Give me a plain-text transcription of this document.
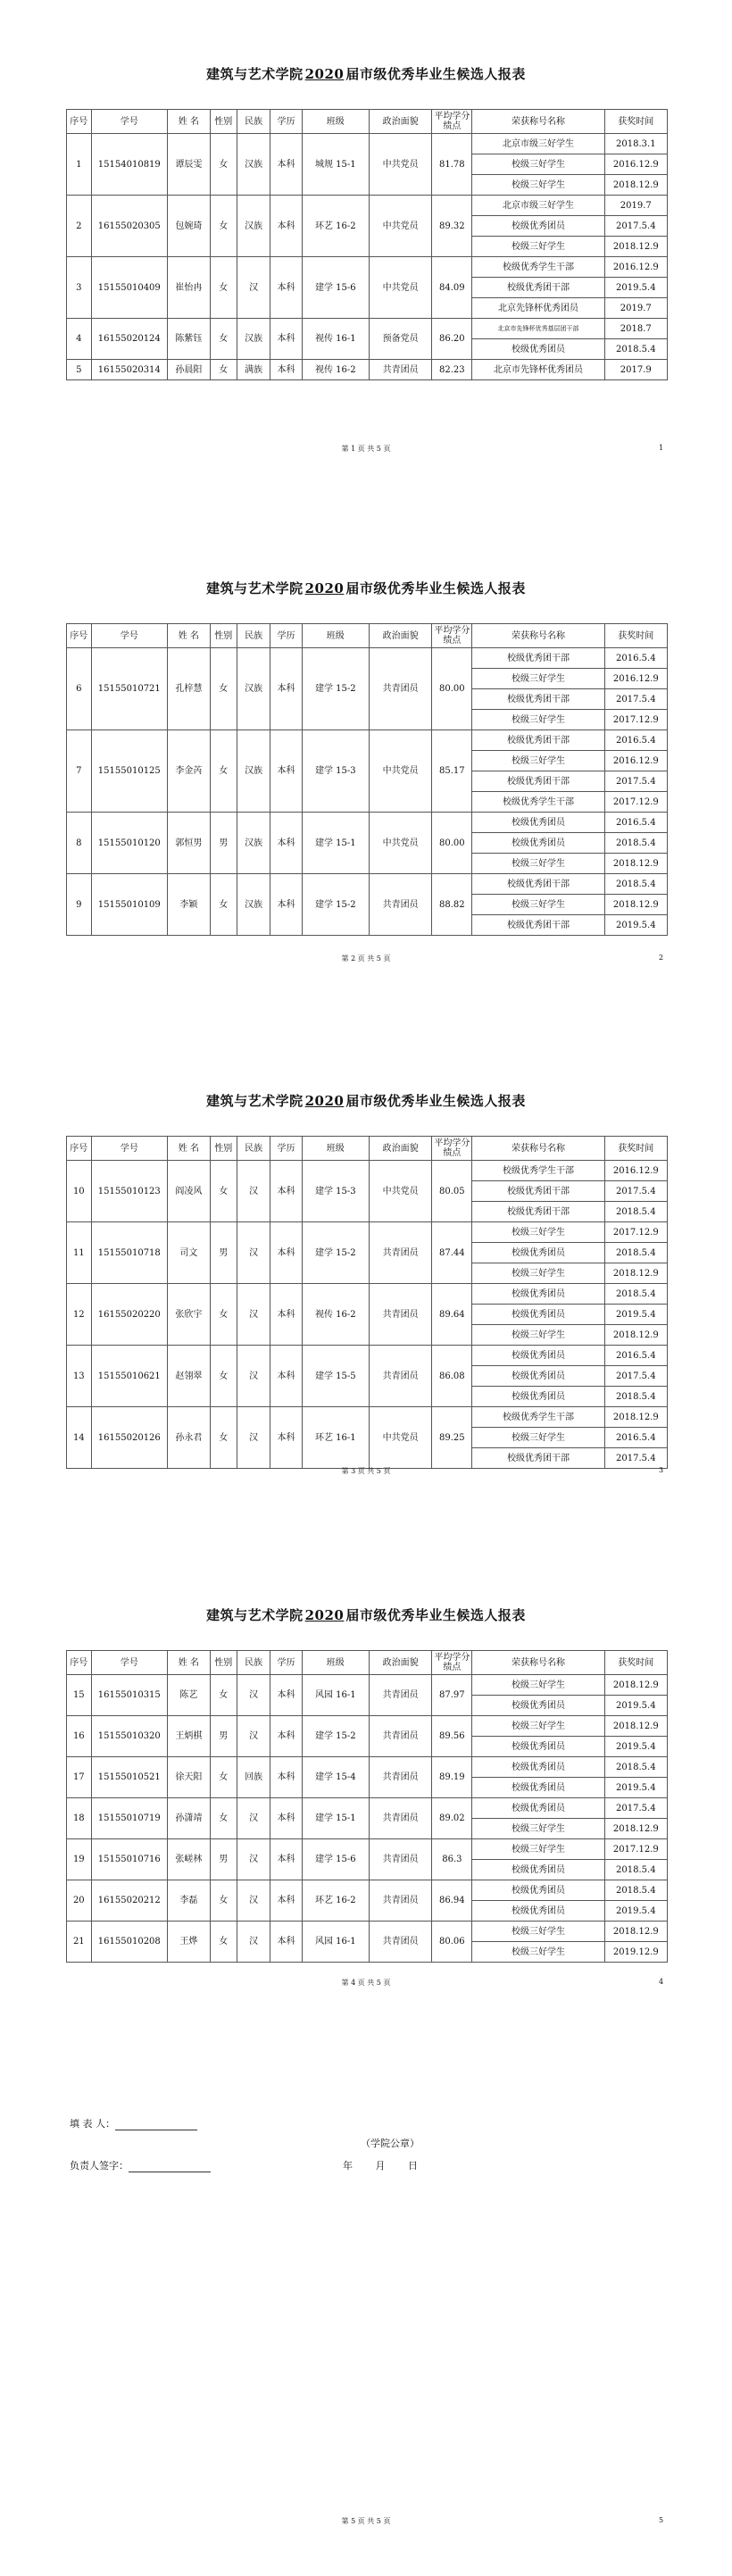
建筑与艺术学院 2020 届市级优秀毕业生候选人报表
序号	学号	姓 名	性别	民族	学历	班级	政治面貌	平均学分绩点	荣获称号名称	获奖时间
1	15154010819	谭辰雯	女	汉族	本科	城规 15-1	中共党员	81.78	北京市级三好学生	2018.3.1
									校级三好学生	2016.12.9
									校级三好学生	2018.12.9
2	16155020305	包婉琦	女	汉族	本科	环艺 16-2	中共党员	89.32	北京市级三好学生	2019.7
									校级优秀团员	2017.5.4
									校级三好学生	2018.12.9
3	15155010409	崔怡冉	女	汉	本科	建学 15-6	中共党员	84.09	校级优秀学生干部	2016.12.9
									校级优秀团干部	2019.5.4
									北京先锋杯优秀团员	2019.7
4	16155020124	陈紫钰	女	汉族	本科	视传 16-1	预备党员	86.20	北京市先锋杯优秀基层团干部	2018.7
									校级优秀团员	2018.5.4
5	16155020314	孙晨阳	女	满族	本科	视传 16-2	共青团员	82.23	北京市先锋杯优秀团员	2017.9
建筑与艺术学院 2020 届市级优秀毕业生候选人报表
序号	学号	姓 名	性别	民族	学历	班级	政治面貌	平均学分绩点	荣获称号名称	获奖时间
6	15155010721	孔梓慧	女	汉族	本科	建学 15-2	共青团员	80.00	校级优秀团干部	2016.5.4
									校级三好学生	2016.12.9
									校级优秀团干部	2017.5.4
									校级三好学生	2017.12.9
7	15155010125	李金芮	女	汉族	本科	建学 15-3	中共党员	85.17	校级优秀团干部	2016.5.4
									校级三好学生	2016.12.9
									校级优秀团干部	2017.5.4
									校级优秀学生干部	2017.12.9
8	15155010120	郭恒男	男	汉族	本科	建学 15-1	中共党员	80.00	校级优秀团员	2016.5.4
									校级优秀团员	2018.5.4
									校级三好学生	2018.12.9
9	15155010109	李颖	女	汉族	本科	建学 15-2	共青团员	88.82	校级优秀团干部	2018.5.4
									校级三好学生	2018.12.9
									校级优秀团干部	2019.5.4
建筑与艺术学院 2020 届市级优秀毕业生候选人报表
序号	学号	姓 名	性别	民族	学历	班级	政治面貌	平均学分绩点	荣获称号名称	获奖时间
10	15155010123	阎凌风	女	汉	本科	建学 15-3	中共党员	80.05	校级优秀学生干部	2016.12.9
									校级优秀团干部	2017.5.4
									校级优秀团干部	2018.5.4
11	15155010718	司文	男	汉	本科	建学 15-2	共青团员	87.44	校级三好学生	2017.12.9
									校级优秀团员	2018.5.4
									校级三好学生	2018.12.9
12	16155020220	张欣宇	女	汉	本科	视传 16-2	共青团员	89.64	校级优秀团员	2018.5.4
									校级优秀团员	2019.5.4
									校级三好学生	2018.12.9
13	15155010621	赵翎翠	女	汉	本科	建学 15-5	共青团员	86.08	校级优秀团员	2016.5.4
									校级优秀团员	2017.5.4
									校级优秀团员	2018.5.4
14	16155020126	孙永君	女	汉	本科	环艺 16-1	中共党员	89.25	校级优秀学生干部	2018.12.9
									校级三好学生	2016.5.4
									校级优秀团干部	2017.5.4
建筑与艺术学院 2020 届市级优秀毕业生候选人报表
序号	学号	姓 名	性别	民族	学历	班级	政治面貌	平均学分绩点	荣获称号名称	获奖时间
15	16155010315	陈艺	女	汉	本科	风园 16-1	共青团员	87.97	校级三好学生	2018.12.9
									校级优秀团员	2019.5.4
16	15155010320	王炳棋	男	汉	本科	建学 15-2	共青团员	89.56	校级三好学生	2018.12.9
									校级优秀团员	2019.5.4
17	15155010521	徐天阳	女	回族	本科	建学 15-4	共青团员	89.19	校级优秀团员	2018.5.4
									校级优秀团员	2019.5.4
18	15155010719	孙潇靖	女	汉	本科	建学 15-1	共青团员	89.02	校级优秀团员	2017.5.4
									校级三好学生	2018.12.9
19	15155010716	张嵯林	男	汉	本科	建学 15-6	共青团员	86.3	校级三好学生	2017.12.9
									校级优秀团员	2018.5.4
20	16155020212	李磊	女	汉	本科	环艺 16-2	共青团员	86.94	校级优秀团员	2018.5.4
									校级优秀团员	2019.5.4
21	16155010208	王烨	女	汉	本科	风园 16-1	共青团员	80.06	校级三好学生	2018.12.9
									校级三好学生	2019.12.9
第 1 页 共 5 页	1
第 2 页 共 5 页	2
第 3 页 共 5 页	3
第 4 页 共 5 页	4
填 表 人：
（学院公章）
负责人签字：	年 月 日
第 5 页 共 5 页	5
